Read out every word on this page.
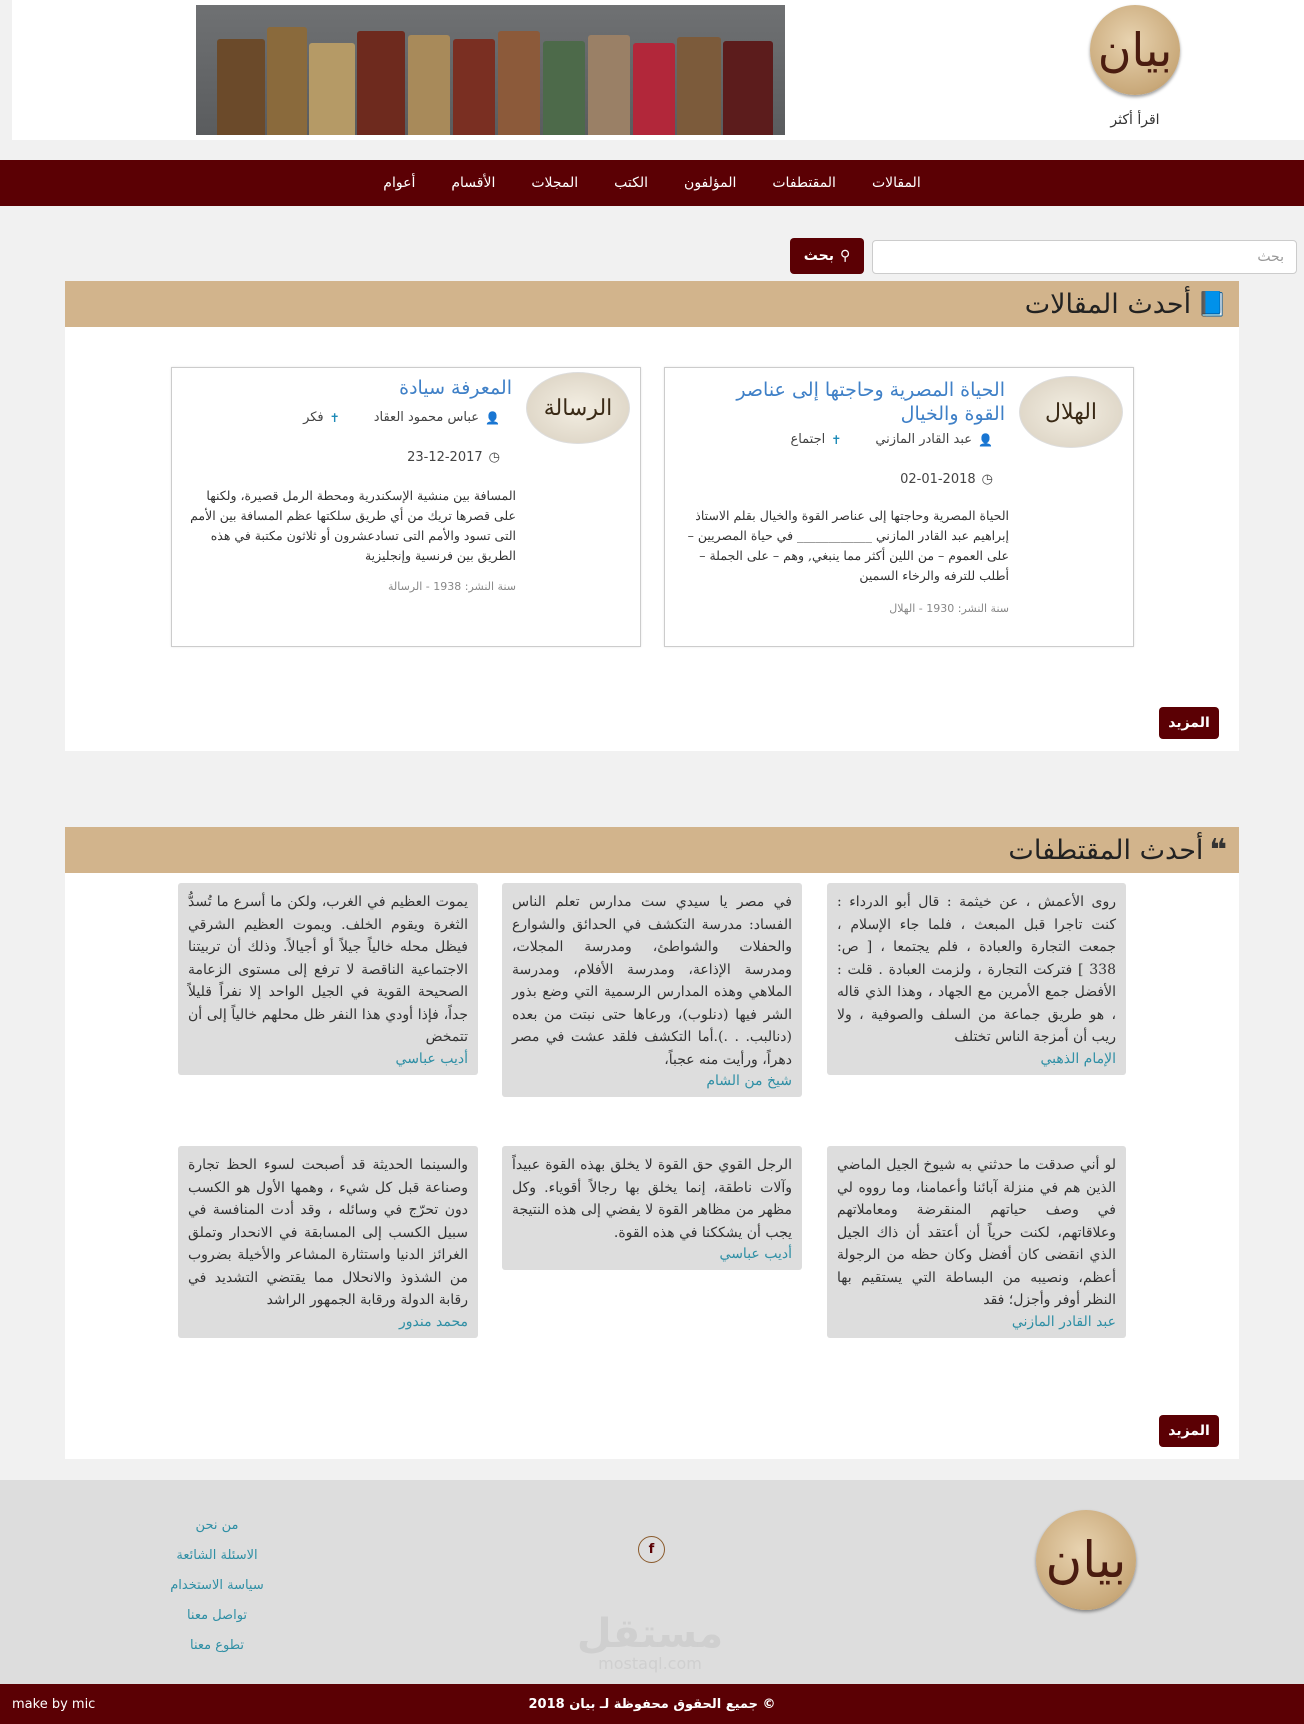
بيان
اقرأ أكثر
المقالات
المقتطفات
المؤلفون
الكتب
المجلات
الأقسام
أعوام
بحث
⚲
بحث
📘
أحدث المقالات
الهلال
الحياة المصرية وحاجتها إلى عناصر القوة والخيال
👤
عبد القادر المازني
✝
اجتماع
◷
02-01-2018
الحياة المصرية وحاجتها إلى عناصر القوة والخيال بقلم الاستاذ إبراهيم عبد القادر المازني ____________ في حياة المصريين – على العموم – من اللين أكثر مما ينبغي, وهم – على الجملة – أطلب للترفه والرخاء السمين
سنة النشر: 1930 - الهلال
الرسالة
المعرفة سيادة
👤
عباس محمود العقاد
✝
فكر
◷
23-12-2017
المسافة بين منشية الإسكندرية ومحطة الرمل قصيرة، ولكنها على قصرها تريك من أي طريق سلكتها عظم المسافة بين الأمم التى تسود والأمم التى تسادعشرون أو ثلاثون مكتبة في هذه الطريق بين فرنسية وإنجليزية
سنة النشر: 1938 - الرسالة
المزيد
❝
أحدث المقتطفات
روى الأعمش ، عن خيثمة : قال أبو الدرداء : كنت تاجرا قبل المبعث ، فلما جاء الإسلام ، جمعت التجارة والعبادة ، فلم يجتمعا ، [ ص: 338 ] فتركت التجارة ، ولزمت العبادة . قلت : الأفضل جمع الأمرين مع الجهاد ، وهذا الذي قاله ، هو طريق جماعة من السلف والصوفية ، ولا ريب أن أمزجة الناس تختلف
الإمام الذهبي
في مصر يا سيدي ست مدارس تعلم الناس الفساد: مدرسة التكشف في الحدائق والشوارع والحفلات والشواطئ، ومدرسة المجلات، ومدرسة الإذاعة، ومدرسة الأفلام، ومدرسة الملاهي وهذه المدارس الرسمية التي وضع بذور الشر فيها (دنلوب)، ورعاها حتى نبتت من بعده (دنالبب. . .).أما التكشف فلقد عشت في مصر دهراً، ورأيت منه عجباً،
شيخ من الشام
يموت العظيم في الغرب، ولكن ما أسرع ما تُسدُّ الثغرة ويقوم الخلف. ويموت العظيم الشرقي فيظل محله خالياً جيلاً أو أجيالاً. وذلك أن تربيتنا الاجتماعية الناقصة لا ترفع إلى مستوى الزعامة الصحيحة القوية في الجيل الواحد إلا نفراً قليلاً جداً، فإذا أودي هذا النفر ظل محلهم خالياً إلى أن تتمخض
أديب عباسي
لو أني صدقت ما حدثني به شيوخ الجيل الماضي الذين هم في منزلة آبائنا وأعمامنا، وما رووه لي في وصف حياتهم المنقرضة ومعاملاتهم وعلاقاتهم، لكنت حرياً أن أعتقد أن ذاك الجيل الذي انقضى كان أفضل وكان حظه من الرجولة أعظم، ونصيبه من البساطة التي يستقيم بها النظر أوفر وأجزل؛ فقد
عبد القادر المازني
الرجل القوي حق القوة لا يخلق بهذه القوة عبيداً وآلات ناطقة، إنما يخلق بها رجالاً أقوياء. وكل مظهر من مظاهر القوة لا يفضي إلى هذه النتيجة يجب أن يشككنا في هذه القوة.
أديب عباسي
والسينما الحديثة قد أصبحت لسوء الحظ تجارة وصناعة قبل كل شيء ، وهمها الأول هو الكسب دون تحرّج في وسائله ، وقد أدت المنافسة في سبيل الكسب إلى المسابقة في الانحدار وتملق الغرائز الدنيا واستثارة المشاعر والأخيلة بضروب من الشذوذ والانحلال مما يقتضي التشديد في رقابة الدولة ورقابة الجمهور الراشد
محمد مندور
المزيد
بيان
f
من نحن
الاسئلة الشائعة
سياسة الاستخدام
تواصل معنا
تطوع معنا	مستقل
mostaql.com
© جميع الحقوق محفوظة لـ بيان 2018
make by mic
